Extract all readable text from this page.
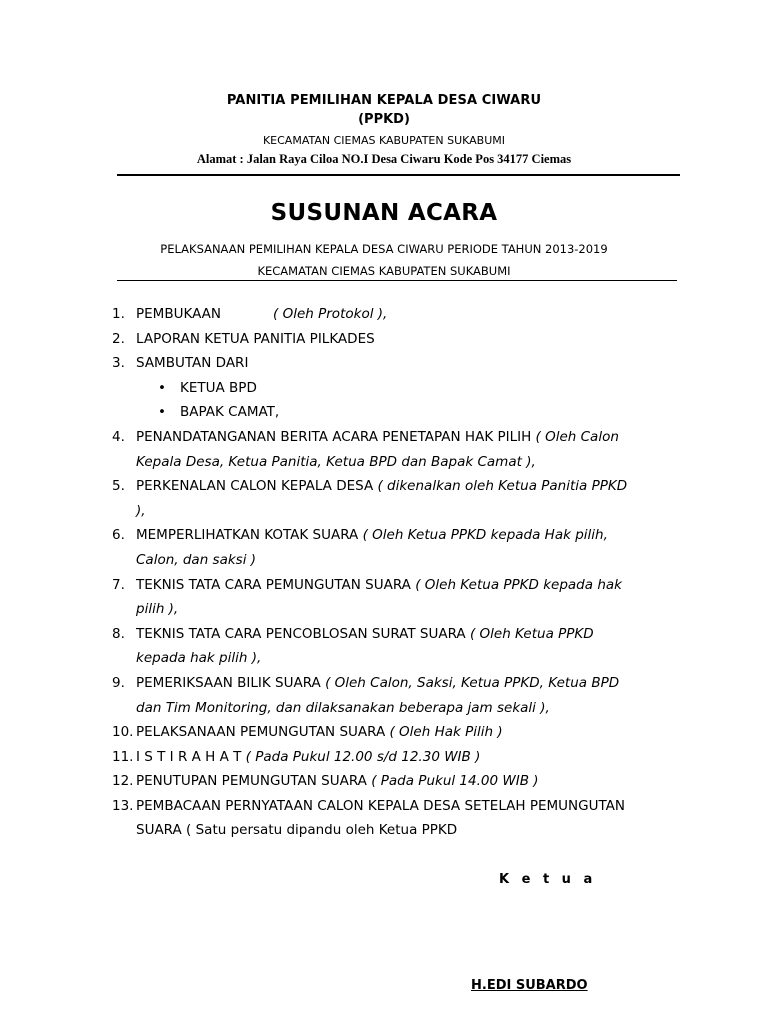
PANITIA PEMILIHAN KEPALA DESA CIWARU
(PPKD)
KECAMATAN CIEMAS KABUPATEN SUKABUMI
Alamat : Jalan Raya Ciloa NO.I Desa Ciwaru Kode Pos 34177 Ciemas
SUSUNAN ACARA
PELAKSANAAN PEMILIHAN KEPALA DESA CIWARU PERIODE TAHUN 2013-2019
KECAMATAN CIEMAS KABUPATEN SUKABUMI
1. PEMBUKAAN	( Oleh Protokol ),
2. LAPORAN KETUA PANITIA PILKADES
3. SAMBUTAN DARI
• KETUA BPD
• BAPAK CAMAT,
4. PENANDATANGANAN BERITA ACARA PENETAPAN HAK PILIH ( Oleh Calon
Kepala Desa, Ketua Panitia, Ketua BPD dan Bapak Camat ),
5. PERKENALAN CALON KEPALA DESA ( dikenalkan oleh Ketua Panitia PPKD
),
6. MEMPERLIHATKAN KOTAK SUARA ( Oleh Ketua PPKD kepada Hak pilih,
Calon, dan saksi )
7. TEKNIS TATA CARA PEMUNGUTAN SUARA ( Oleh Ketua PPKD kepada hak
pilih ),
8. TEKNIS TATA CARA PENCOBLOSAN SURAT SUARA ( Oleh Ketua PPKD
kepada hak pilih ),
9. PEMERIKSAAN BILIK SUARA ( Oleh Calon, Saksi, Ketua PPKD, Ketua BPD
dan Tim Monitoring, dan dilaksanakan beberapa jam sekali ),
10. PELAKSANAAN PEMUNGUTAN SUARA ( Oleh Hak Pilih )
11. I S T I R A H A T ( Pada Pukul 12.00 s/d 12.30 WIB )
12. PENUTUPAN PEMUNGUTAN SUARA ( Pada Pukul 14.00 WIB )
13. PEMBACAAN PERNYATAAN CALON KEPALA DESA SETELAH PEMUNGUTAN
SUARA ( Satu persatu dipandu oleh Ketua PPKD
K e t u a
H.EDI SUBARDO
